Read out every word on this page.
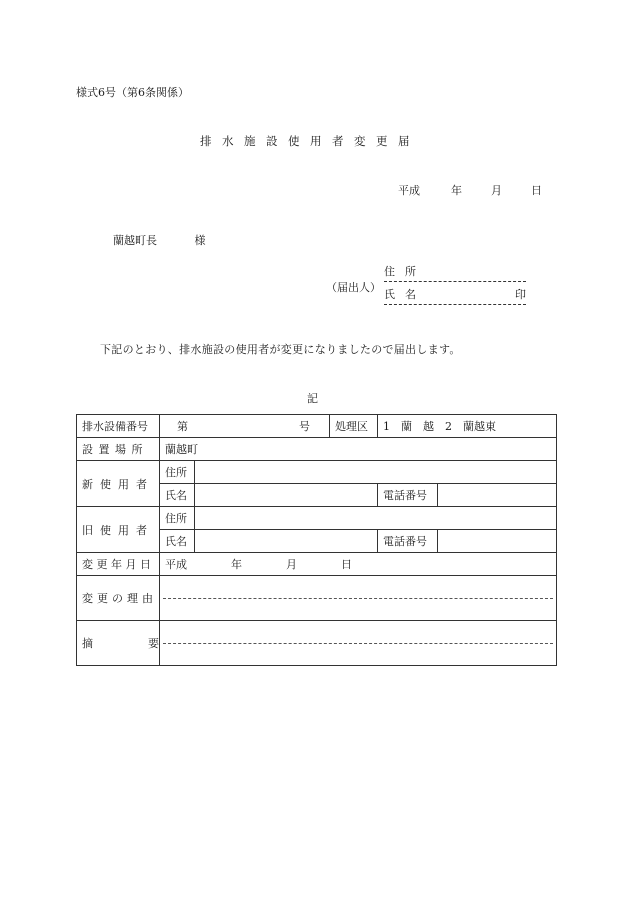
様式6号（第6条関係）
排水施設使用者変更届
平成	年	月	日
蘭越町長	様
（届出人）
住所
氏名	印
下記のとおり、排水施設の使用者が変更になりましたので届出します。
記
排水設備番号	第 号		処理区	1　蘭　越　2　蘭越東	
設置場所	蘭越町				
新使用者	住所				
	氏名			電話番号	
旧使用者	住所				
	氏名			電話番号	
変更年月日	平成　　　　年　　　　月　　　　日				
変更の理由					

摘　　　　　要					
